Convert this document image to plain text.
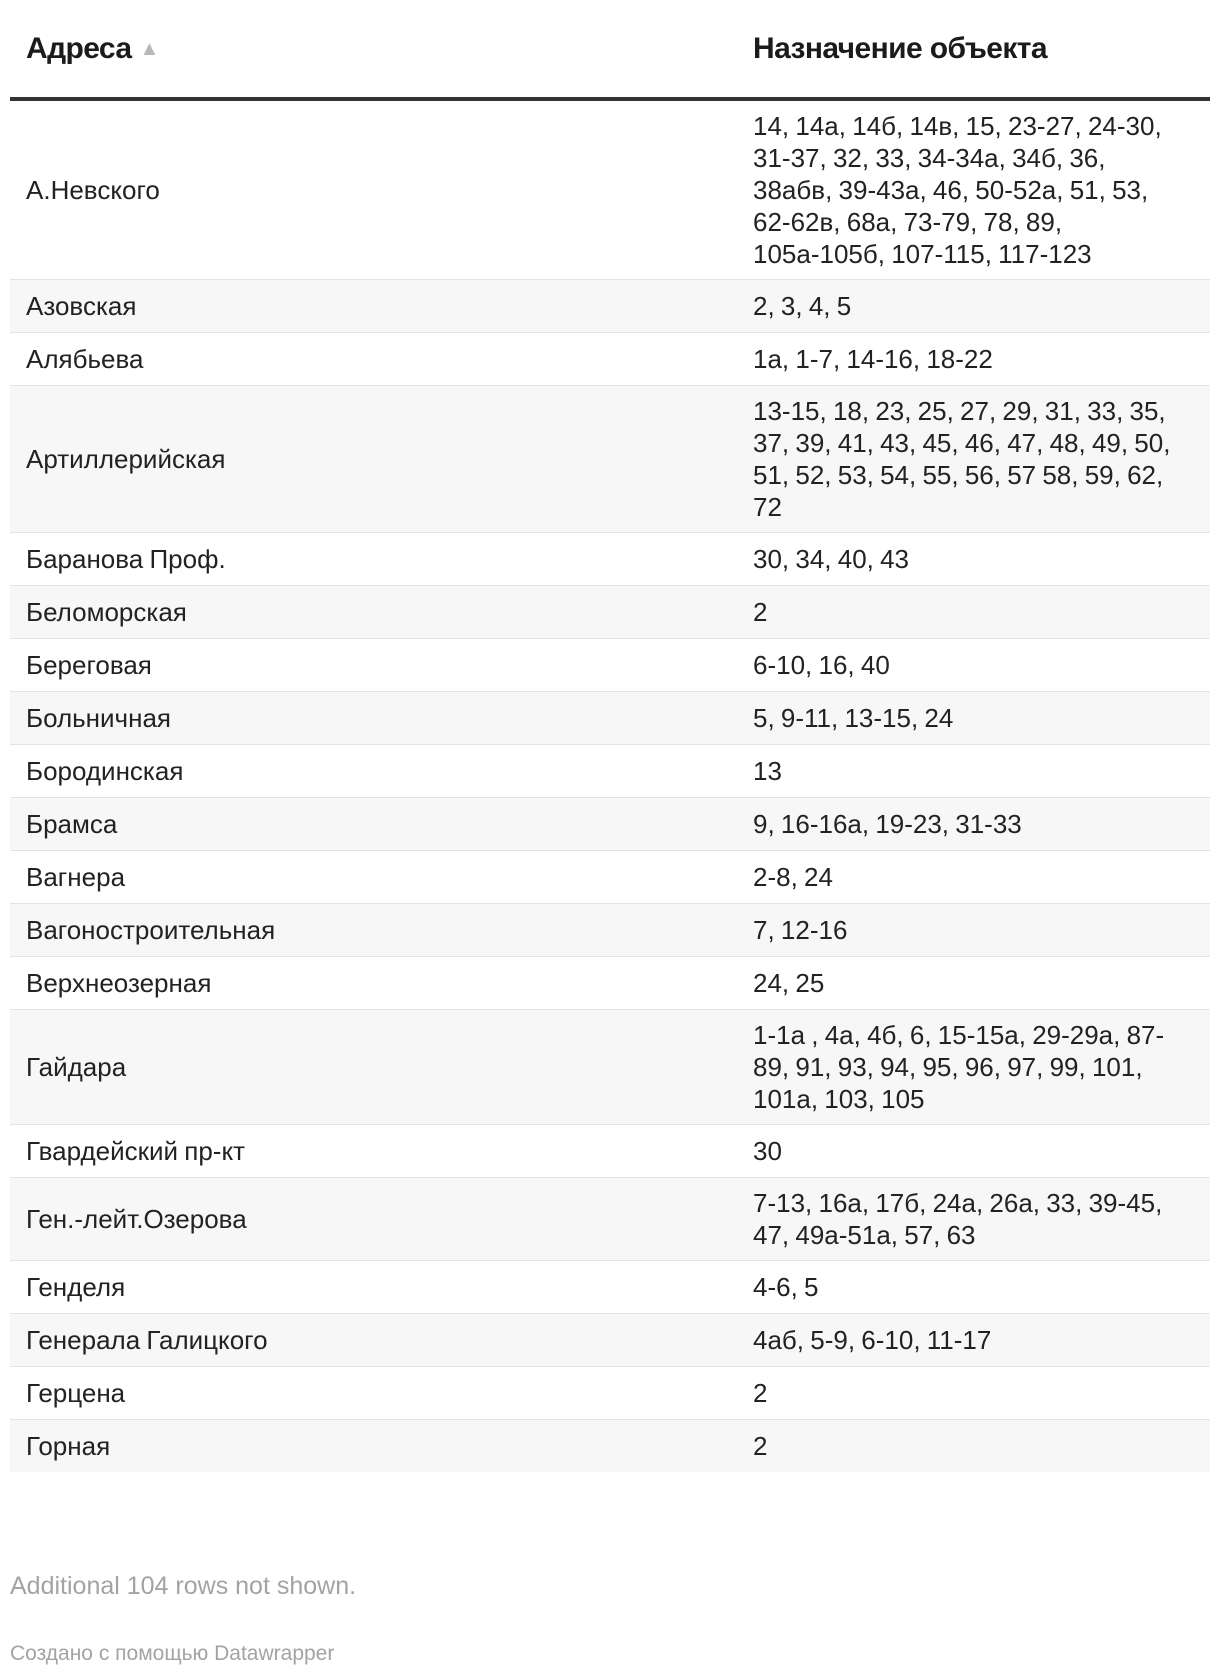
Адреса ▲	Назначение объекта
А.Невского	14, 14а, 14б, 14в, 15, 23-27, 24-30, 31-37, 32, 33, 34-34а, 34б, 36, 38абв, 39-43а, 46, 50-52а, 51, 53, 62-62в, 68а, 73-79, 78, 89, 105а-105б, 107-115, 117-123
Азовская	2, 3, 4, 5
Алябьева	1а, 1-7, 14-16, 18-22
Артиллерийская	13-15, 18, 23, 25, 27, 29, 31, 33, 35, 37, 39, 41, 43, 45, 46, 47, 48, 49, 50, 51, 52, 53, 54, 55, 56, 57 58, 59, 62, 72
Баранова Проф.	30, 34, 40, 43
Беломорская	2
Береговая	6-10, 16, 40
Больничная	5, 9-11, 13-15, 24
Бородинская	13
Брамса	9, 16-16а, 19-23, 31-33
Вагнера	2-8, 24
Вагоностроительная	7, 12-16
Верхнеозерная	24, 25
Гайдара	1-1а , 4а, 4б, 6, 15-15а, 29-29а, 87-89, 91, 93, 94, 95, 96, 97, 99, 101, 101а, 103, 105
Гвардейский пр-кт	30
Ген.-лейт.Озерова	7-13, 16а, 17б, 24а, 26а, 33, 39-45, 47, 49а-51а, 57, 63
Генделя	4-6, 5
Генерала Галицкого	4аб, 5-9, 6-10, 11-17
Герцена	2
Горная	2
Additional 104 rows not shown.
Создано с помощью Datawrapper
